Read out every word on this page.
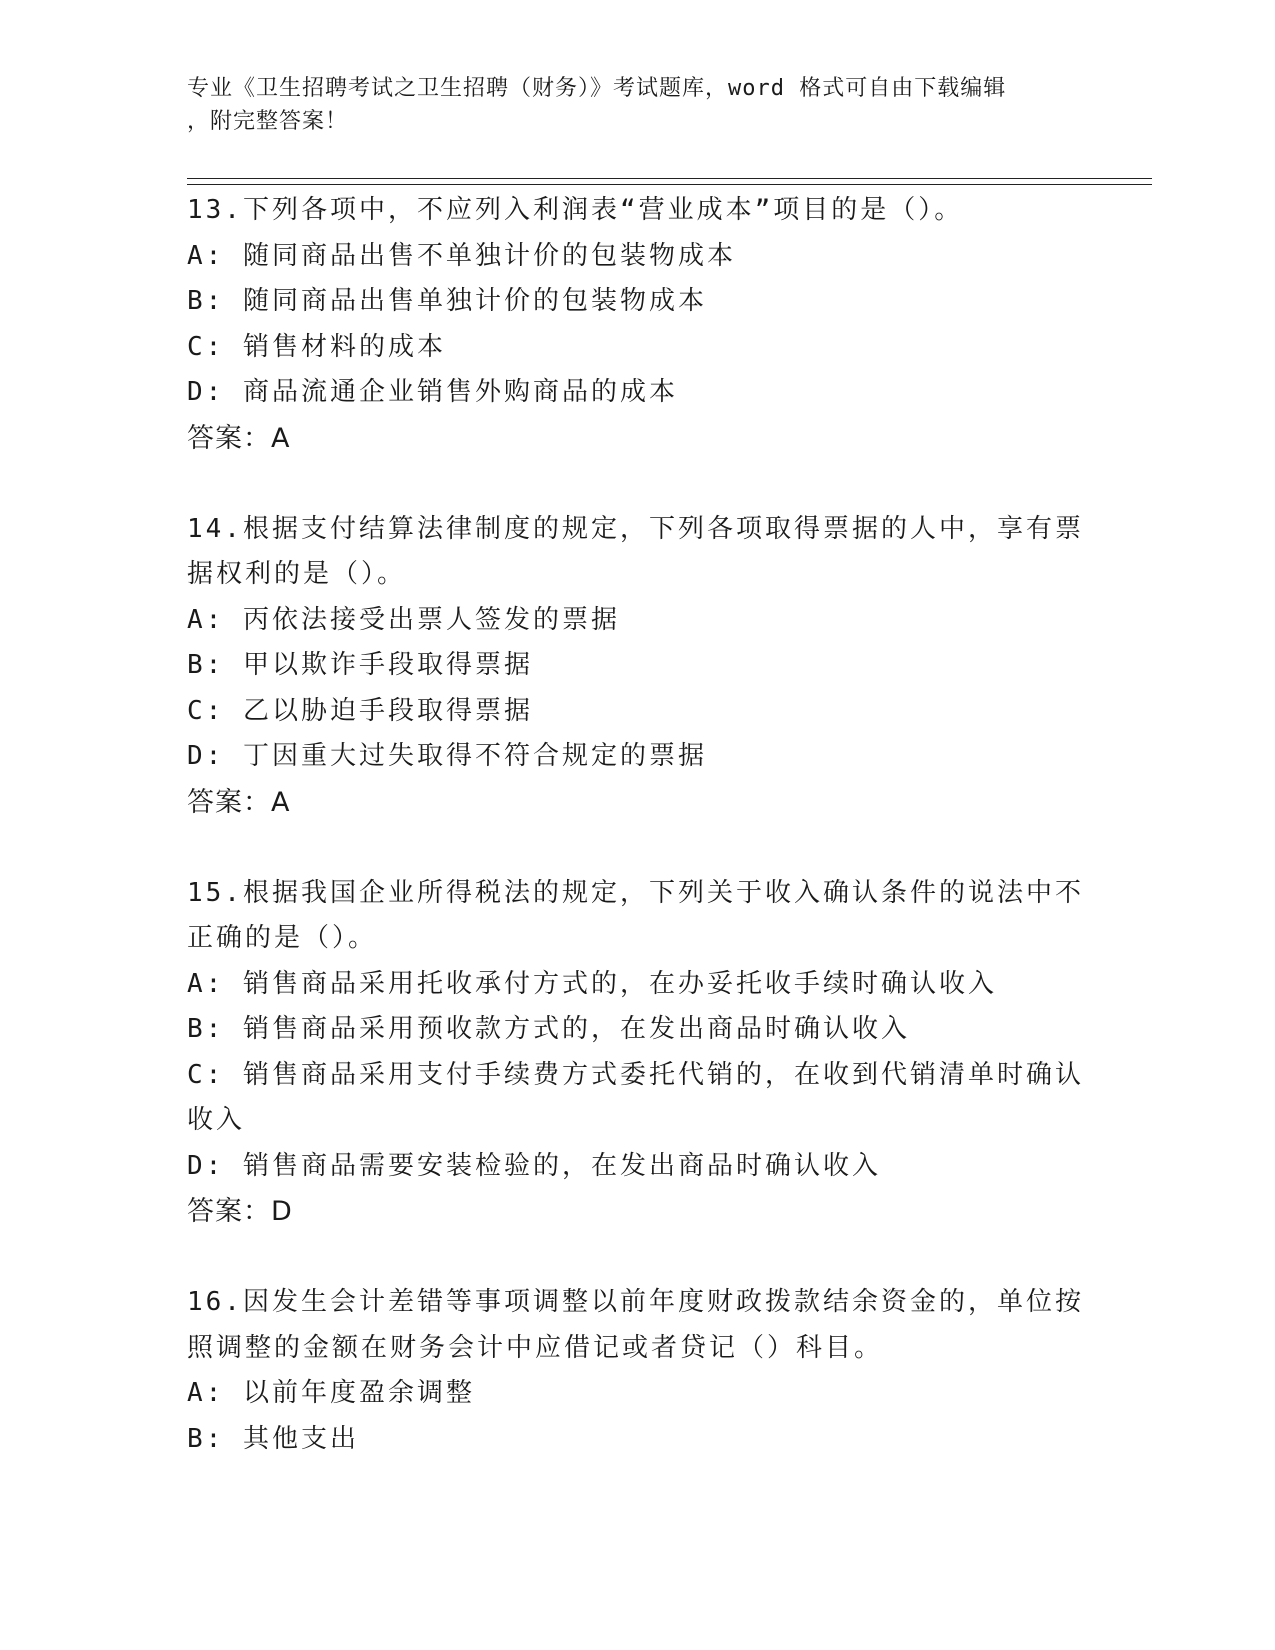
专业《卫生招聘考试之卫生招聘（财务）》考试题库，word 格式可自由下载编辑
，附完整答案！
13.下列各项中，不应列入利润表“营业成本”项目的是（）。
A: 随同商品出售不单独计价的包装物成本
B: 随同商品出售单独计价的包装物成本
C: 销售材料的成本
D: 商品流通企业销售外购商品的成本
答案：A
14.根据支付结算法律制度的规定，下列各项取得票据的人中，享有票
据权利的是（）。
A: 丙依法接受出票人签发的票据
B: 甲以欺诈手段取得票据
C: 乙以胁迫手段取得票据
D: 丁因重大过失取得不符合规定的票据
答案：A
15.根据我国企业所得税法的规定，下列关于收入确认条件的说法中不
正确的是（）。
A: 销售商品采用托收承付方式的，在办妥托收手续时确认收入
B: 销售商品采用预收款方式的，在发出商品时确认收入
C: 销售商品采用支付手续费方式委托代销的，在收到代销清单时确认
收入
D: 销售商品需要安装检验的，在发出商品时确认收入
答案：D
16.因发生会计差错等事项调整以前年度财政拨款结余资金的，单位按
照调整的金额在财务会计中应借记或者贷记（）科目。
A: 以前年度盈余调整
B: 其他支出
